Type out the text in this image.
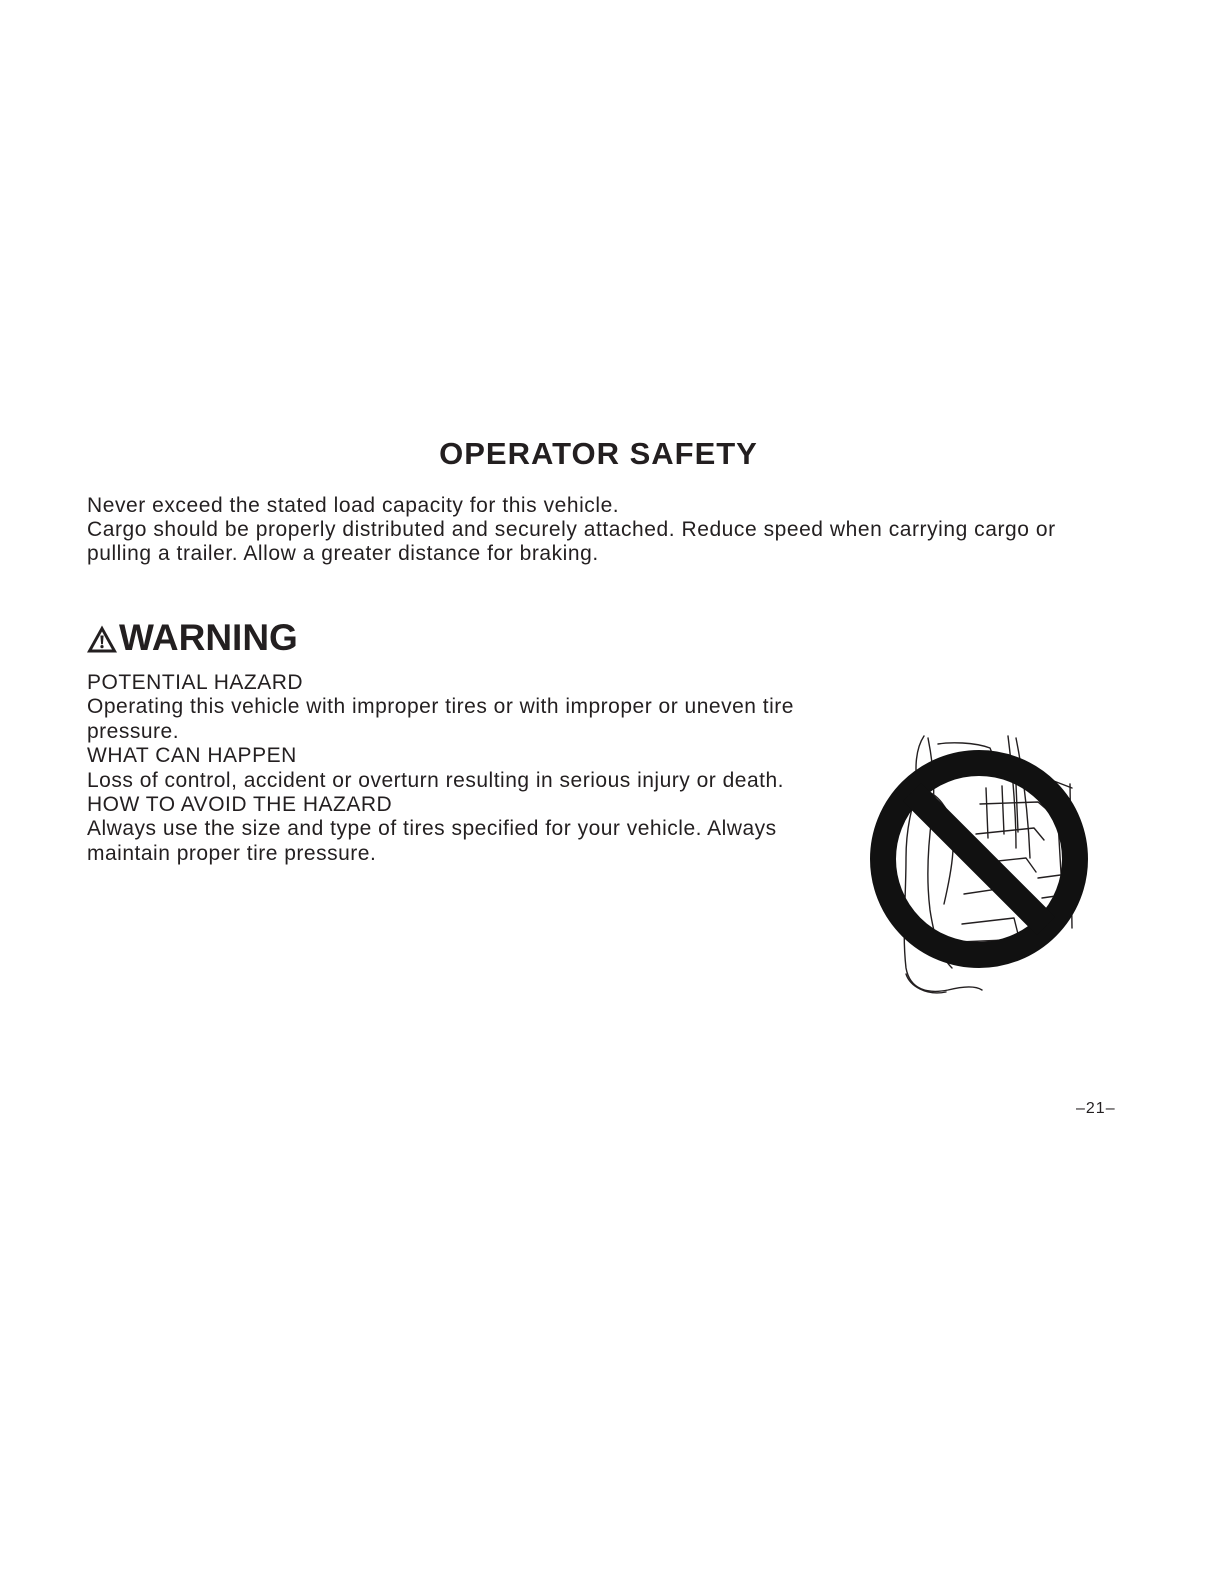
OPERATOR SAFETY

Never exceed the stated load capacity for this vehicle.

Cargo should be properly distributed and securely attached. Reduce speed when carrying cargo or pulling a trailer. Allow a greater distance for braking.

WARNING
POTENTIAL HAZARD
Operating this vehicle with improper tires or with improper or uneven tire pressure.
WHAT CAN HAPPEN
Loss of control, accident or overturn resulting in serious injury or death.
HOW TO AVOID THE HAZARD
Always use the size and type of tires specified for your vehicle. Always maintain proper tire pressure.
–21–
